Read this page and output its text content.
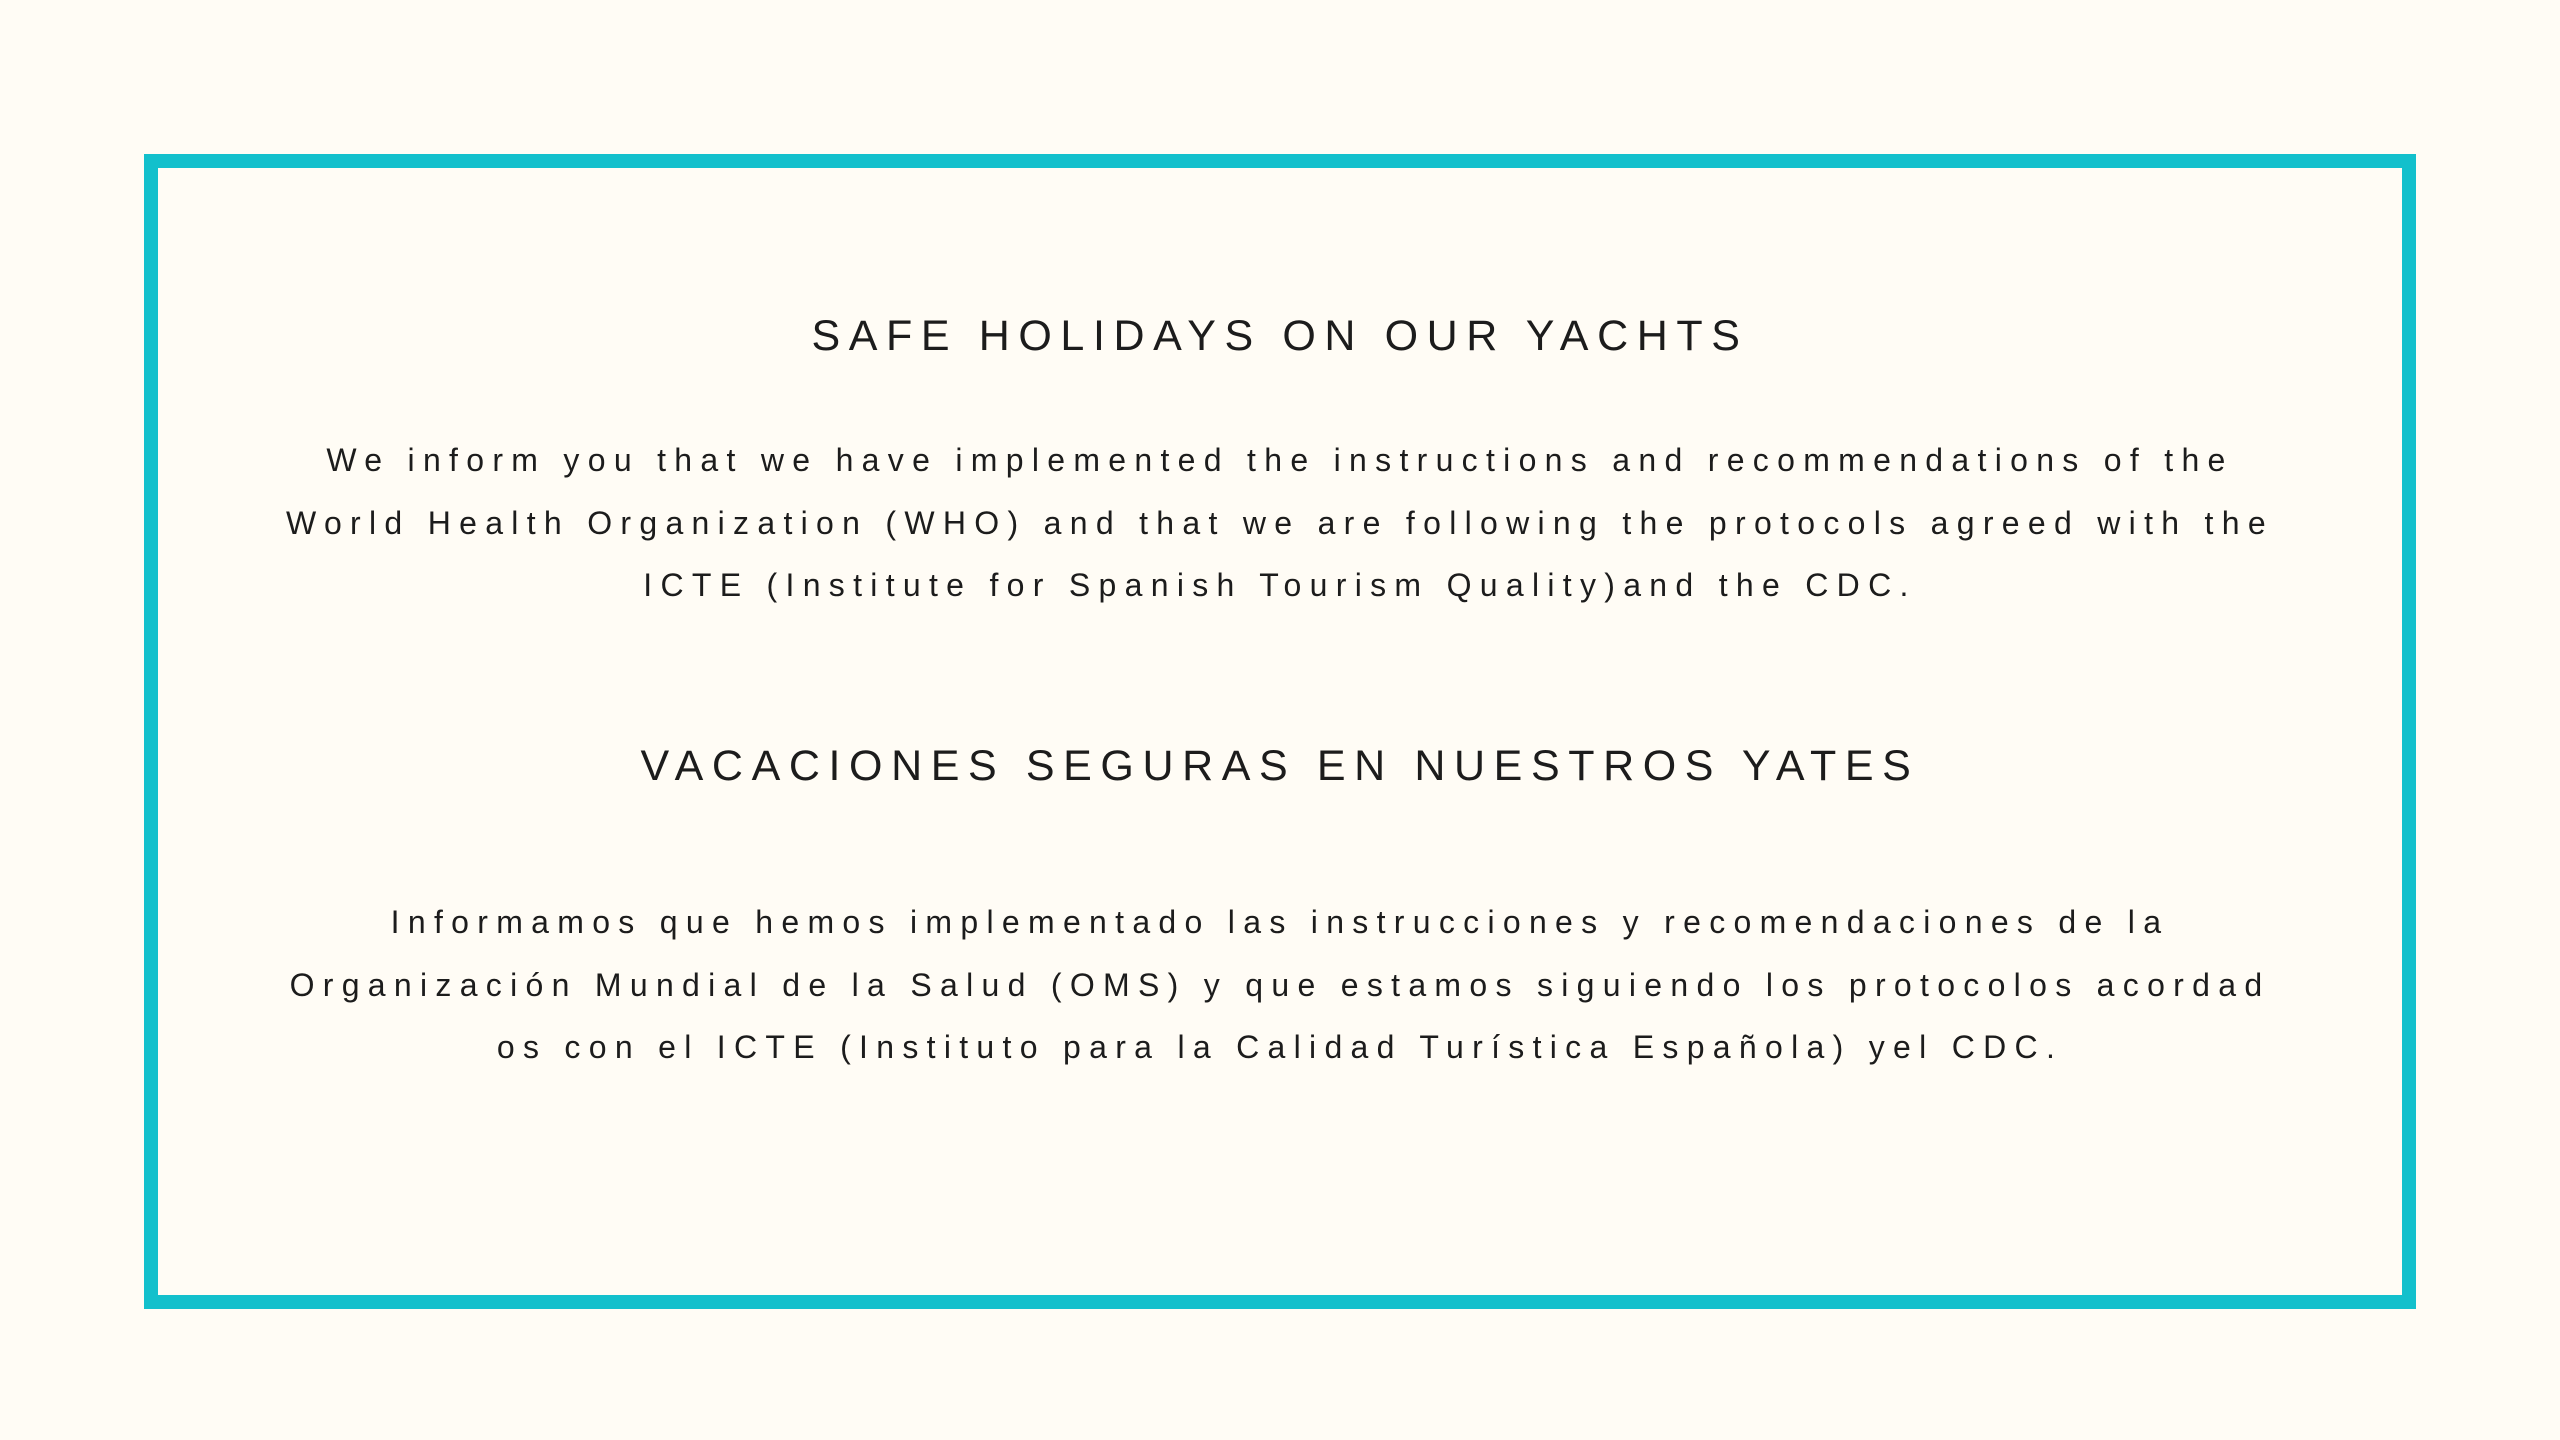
SAFE HOLIDAYS ON OUR YACHTS
We inform you that we have implemented the instructions and recommendations of the
World Health Organization (WHO) and that we are following the protocols agreed with the
ICTE (Institute for Spanish Tourism Quality)and the CDC.
VACACIONES SEGURAS EN NUESTROS YATES
Informamos que hemos implementado las instrucciones y recomendaciones de la
Organización Mundial de la Salud (OMS) y que estamos siguiendo los protocolos acordad
os con el ICTE (Instituto para la Calidad Turística Española) yel CDC.
